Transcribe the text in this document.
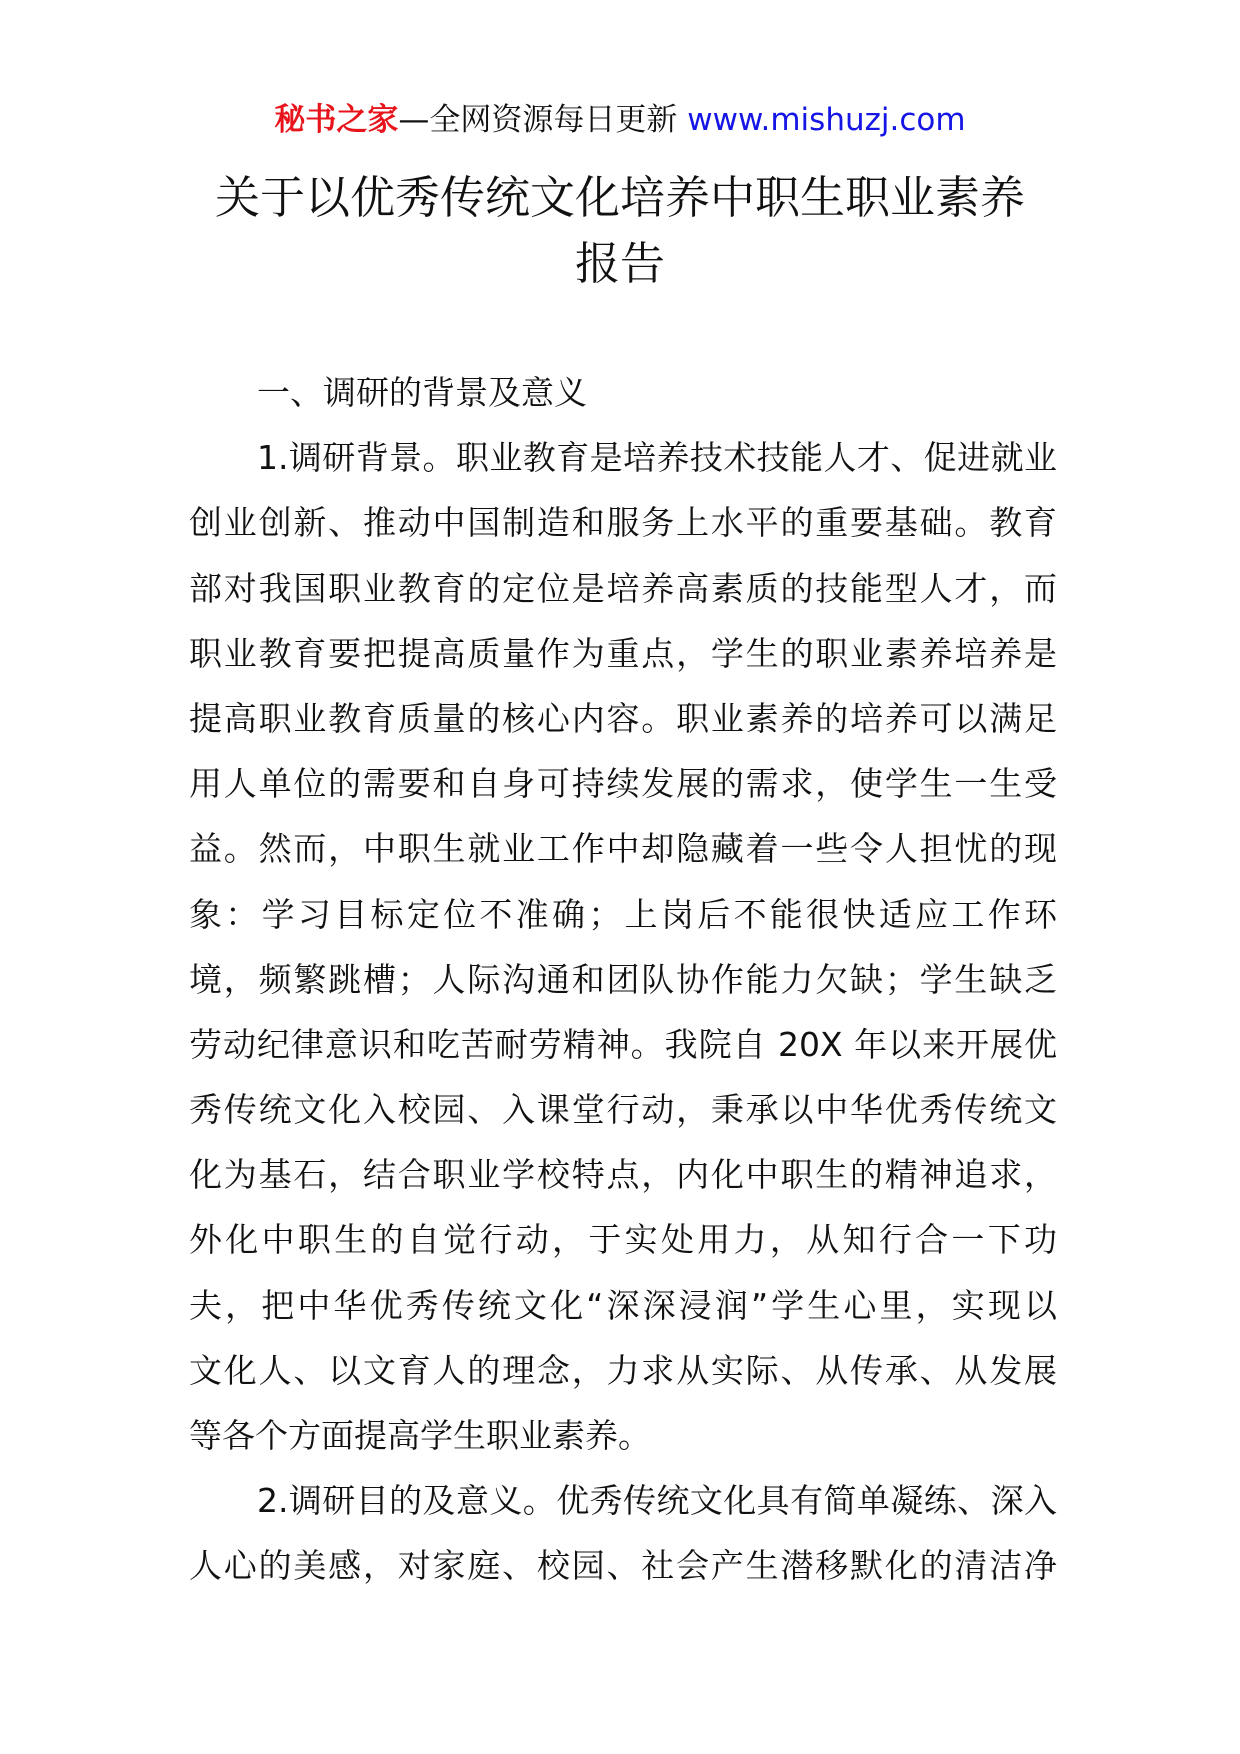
秘书之家—全网资源每日更新 www.mishuzj.com
关于以优秀传统文化培养中职生职业素养
报告
一、调研的背景及意义
1.调研背景。职业教育是培养技术技能人才、促进就业
创业创新、推动中国制造和服务上水平的重要基础。教育
部对我国职业教育的定位是培养高素质的技能型人才，而
职业教育要把提高质量作为重点，学生的职业素养培养是
提高职业教育质量的核心内容。职业素养的培养可以满足
用人单位的需要和自身可持续发展的需求，使学生一生受
益。然而，中职生就业工作中却隐藏着一些令人担忧的现
象：学习目标定位不准确；上岗后不能很快适应工作环
境，频繁跳槽；人际沟通和团队协作能力欠缺；学生缺乏
劳动纪律意识和吃苦耐劳精神。我院自 20X 年以来开展优
秀传统文化入校园、入课堂行动，秉承以中华优秀传统文
化为基石，结合职业学校特点，内化中职生的精神追求，
外化中职生的自觉行动，于实处用力，从知行合一下功
夫，把中华优秀传统文化“深深浸润”学生心里，实现以
文化人、以文育人的理念，力求从实际、从传承、从发展
等各个方面提高学生职业素养。
2.调研目的及意义。优秀传统文化具有简单凝练、深入
人心的美感，对家庭、校园、社会产生潜移默化的清洁净
